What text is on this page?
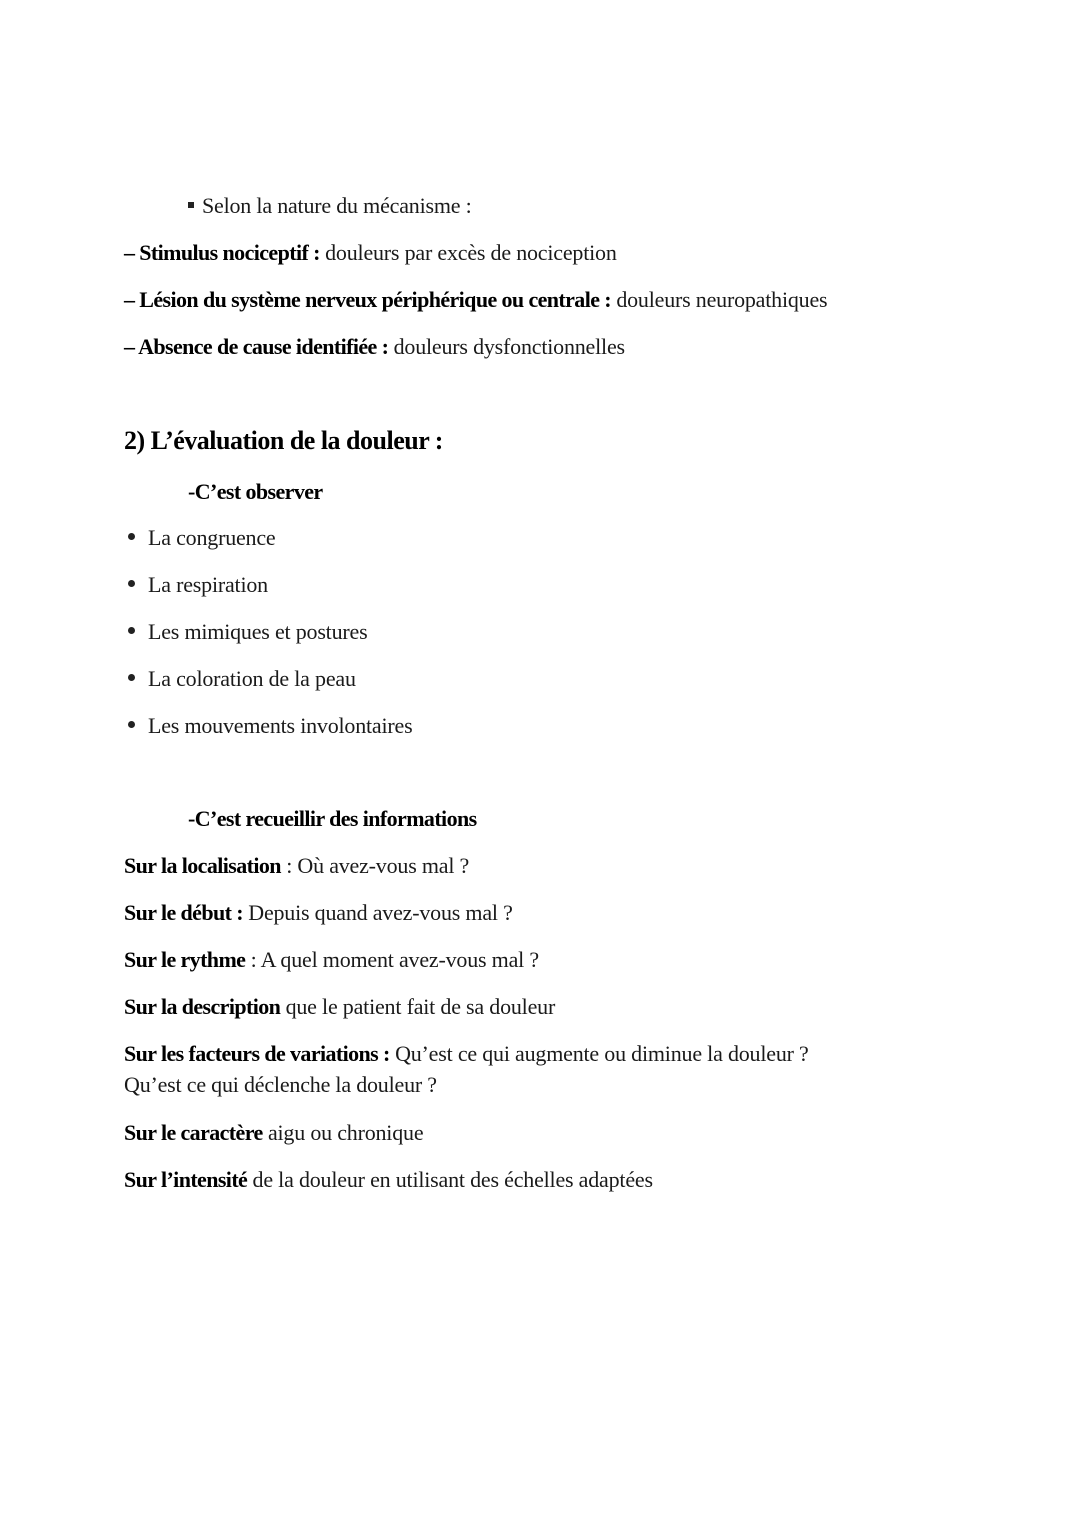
Selon la nature du mécanisme :
– Stimulus nociceptif : douleurs par excès de nociception
– Lésion du système nerveux périphérique ou centrale : douleurs neuropathiques
– Absence de cause identifiée : douleurs dysfonctionnelles
2) L’évaluation de la douleur :
-C’est observer
La congruence
La respiration
Les mimiques et postures
La coloration de la peau
Les mouvements involontaires
-C’est recueillir des informations
Sur la localisation : Où avez-vous mal ?
Sur le début : Depuis quand avez-vous mal ?
Sur le rythme : A quel moment avez-vous mal ?
Sur la description que le patient fait de sa douleur
Sur les facteurs de variations : Qu’est ce qui augmente ou diminue la douleur ?
Qu’est ce qui déclenche la douleur ?
Sur le caractère aigu ou chronique
Sur l’intensité de la douleur en utilisant des échelles adaptées
